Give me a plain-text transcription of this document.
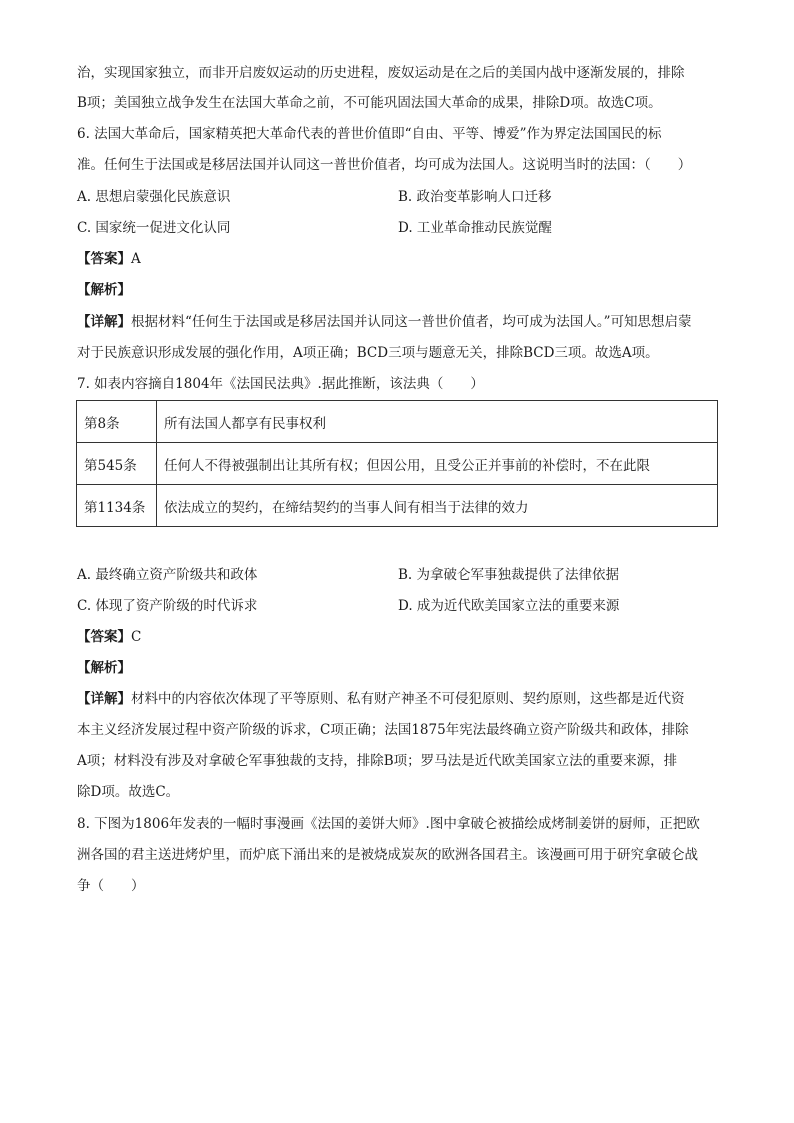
治，实现国家独立，而非开启废奴运动的历史进程，废奴运动是在之后的美国内战中逐渐发展的，排除
B项；美国独立战争发生在法国大革命之前，不可能巩固法国大革命的成果，排除D项。故选C项。
6. 法国大革命后，国家精英把大革命代表的普世价值即“自由、平等、博爱”作为界定法国国民的标
准。任何生于法国或是移居法国并认同这一普世价值者，均可成为法国人。这说明当时的法国：（　　）
A. 思想启蒙强化民族意识	B. 政治变革影响人口迁移
C. 国家统一促进文化认同	D. 工业革命推动民族觉醒
【答案】A
【解析】
【详解】根据材料“任何生于法国或是移居法国并认同这一普世价值者，均可成为法国人。”可知思想启蒙
对于民族意识形成发展的强化作用，A项正确；BCD三项与题意无关，排除BCD三项。故选A项。
7. 如表内容摘自1804年《法国民法典》.据此推断，该法典（　　）
第8条	所有法国人都享有民事权利
第545条	任何人不得被强制出让其所有权；但因公用，且受公正并事前的补偿时，不在此限
第1134条	依法成立的契约，在缔结契约的当事人间有相当于法律的效力
A. 最终确立资产阶级共和政体	B. 为拿破仑军事独裁提供了法律依据
C. 体现了资产阶级的时代诉求	D. 成为近代欧美国家立法的重要来源
【答案】C
【解析】
【详解】材料中的内容依次体现了平等原则、私有财产神圣不可侵犯原则、契约原则，这些都是近代资
本主义经济发展过程中资产阶级的诉求，C项正确；法国1875年宪法最终确立资产阶级共和政体，排除
A项；材料没有涉及对拿破仑军事独裁的支持，排除B项；罗马法是近代欧美国家立法的重要来源，排
除D项。故选C。
8. 下图为1806年发表的一幅时事漫画《法国的姜饼大师》.图中拿破仑被描绘成烤制姜饼的厨师，正把欧
洲各国的君主送进烤炉里，而炉底下涌出来的是被烧成炭灰的欧洲各国君主。该漫画可用于研究拿破仑战
争（　　）
